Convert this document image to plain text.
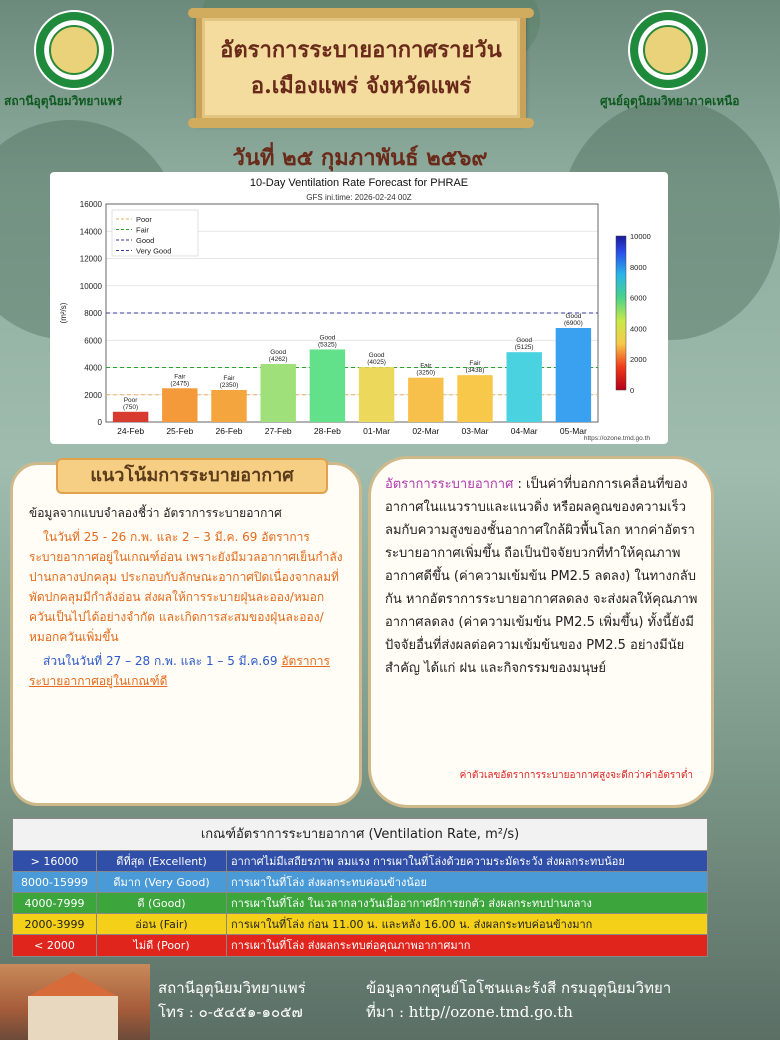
สถานีอุตุนิยมวิทยาแพร่	ศูนย์อุตุนิยมวิทยาภาคเหนือ
อัตราการระบายอากาศรายวัน
อ.เมืองแพร่ จังหวัดแพร่
วันที่ ๒๕ กุมภาพันธ์ ๒๕๖๙
10-Day Ventilation Rate Forecast for PHRAE
GFS ini.time: 2026-02-24 00Z
0
2000
4000
6000
8000
10000
12000
14000
16000
(m²/s)
Poor
(750)
24-Feb
Fair
(2475)
25-Feb
Fair
(2350)
26-Feb
Good
(4262)
27-Feb
Good
(5325)
28-Feb
Good
(4025)
01-Mar
Fair
(3250)
02-Mar
Fair
(3438)
03-Mar
Good
(5125)
04-Mar
Good
(6900)
05-Mar
Poor
Fair
Good
Very Good
0
2000
4000
6000
8000
10000
https://ozone.tmd.go.th
ข้อมูลจากแบบจำลองชี้ว่า อัตราการระบายอากาศ
ในวันที่ 25 - 26 ก.พ. และ 2 – 3 มี.ค. 69 อัตราการระบายอากาศอยู่ในเกณฑ์อ่อน เพราะยังมีมวลอากาศเย็นกำลังปานกลางปกคลุม ประกอบกับลักษณะอากาศปิดเนื่องจากลมที่พัดปกคลุมมีกำลังอ่อน ส่งผลให้การระบายฝุ่นละออง/หมอกควันเป็นไปได้อย่างจำกัด และเกิดการสะสมของฝุ่นละออง/หมอกควันเพิ่มขึ้น
ส่วนในวันที่ 27 – 28 ก.พ. และ 1 – 5 มี.ค.69 อัตราการระบายอากาศอยู่ในเกณฑ์ดี
แนวโน้มการระบายอากาศ	อัตราการระบายอากาศ : เป็นค่าที่บอกการเคลื่อนที่ของอากาศในแนวราบและแนวดิ่ง หรือผลคูณของความเร็วลมกับความสูงของชั้นอากาศใกล้ผิวพื้นโลก หากค่าอัตราระบายอากาศเพิ่มขึ้น ถือเป็นปัจจัยบวกที่ทำให้คุณภาพอากาศดีขึ้น (ค่าความเข้มข้น PM2.5 ลดลง) ในทางกลับกัน หากอัตราการระบายอากาศลดลง จะส่งผลให้คุณภาพอากาศลดลง (ค่าความเข้มข้น PM2.5 เพิ่มขึ้น) ทั้งนี้ยังมีปัจจัยอื่นที่ส่งผลต่อความเข้มข้นของ PM2.5 อย่างมีนัยสำคัญ ได้แก่ ฝน และกิจกรรมของมนุษย์
ค่าตัวเลขอัตราการระบายอากาศสูงจะดีกว่าค่าอัตราต่ำ
เกณฑ์อัตราการระบายอากาศ (Ventilation Rate, m²/s)
> 16000	ดีที่สุด (Excellent)	อากาศไม่มีเสถียรภาพ ลมแรง การเผาในที่โล่งด้วยความระมัดระวัง ส่งผลกระทบน้อย
8000-15999	ดีมาก (Very Good)	การเผาในที่โล่ง ส่งผลกระทบค่อนข้างน้อย
4000-7999	ดี (Good)	การเผาในที่โล่ง ในเวลากลางวันเมื่ออากาศมีการยกตัว ส่งผลกระทบปานกลาง
2000-3999	อ่อน (Fair)	การเผาในที่โล่ง ก่อน 11.00 น. และหลัง 16.00 น. ส่งผลกระทบค่อนข้างมาก
< 2000	ไม่ดี (Poor)	การเผาในที่โล่ง ส่งผลกระทบต่อคุณภาพอากาศมาก
สถานีอุตุนิยมวิทยาแพร่
โทร : ๐-๕๔๕๑-๑๐๕๗
ข้อมูลจากศูนย์โอโซนและรังสี กรมอุตุนิยมวิทยา
ที่มา : http//ozone.tmd.go.th
